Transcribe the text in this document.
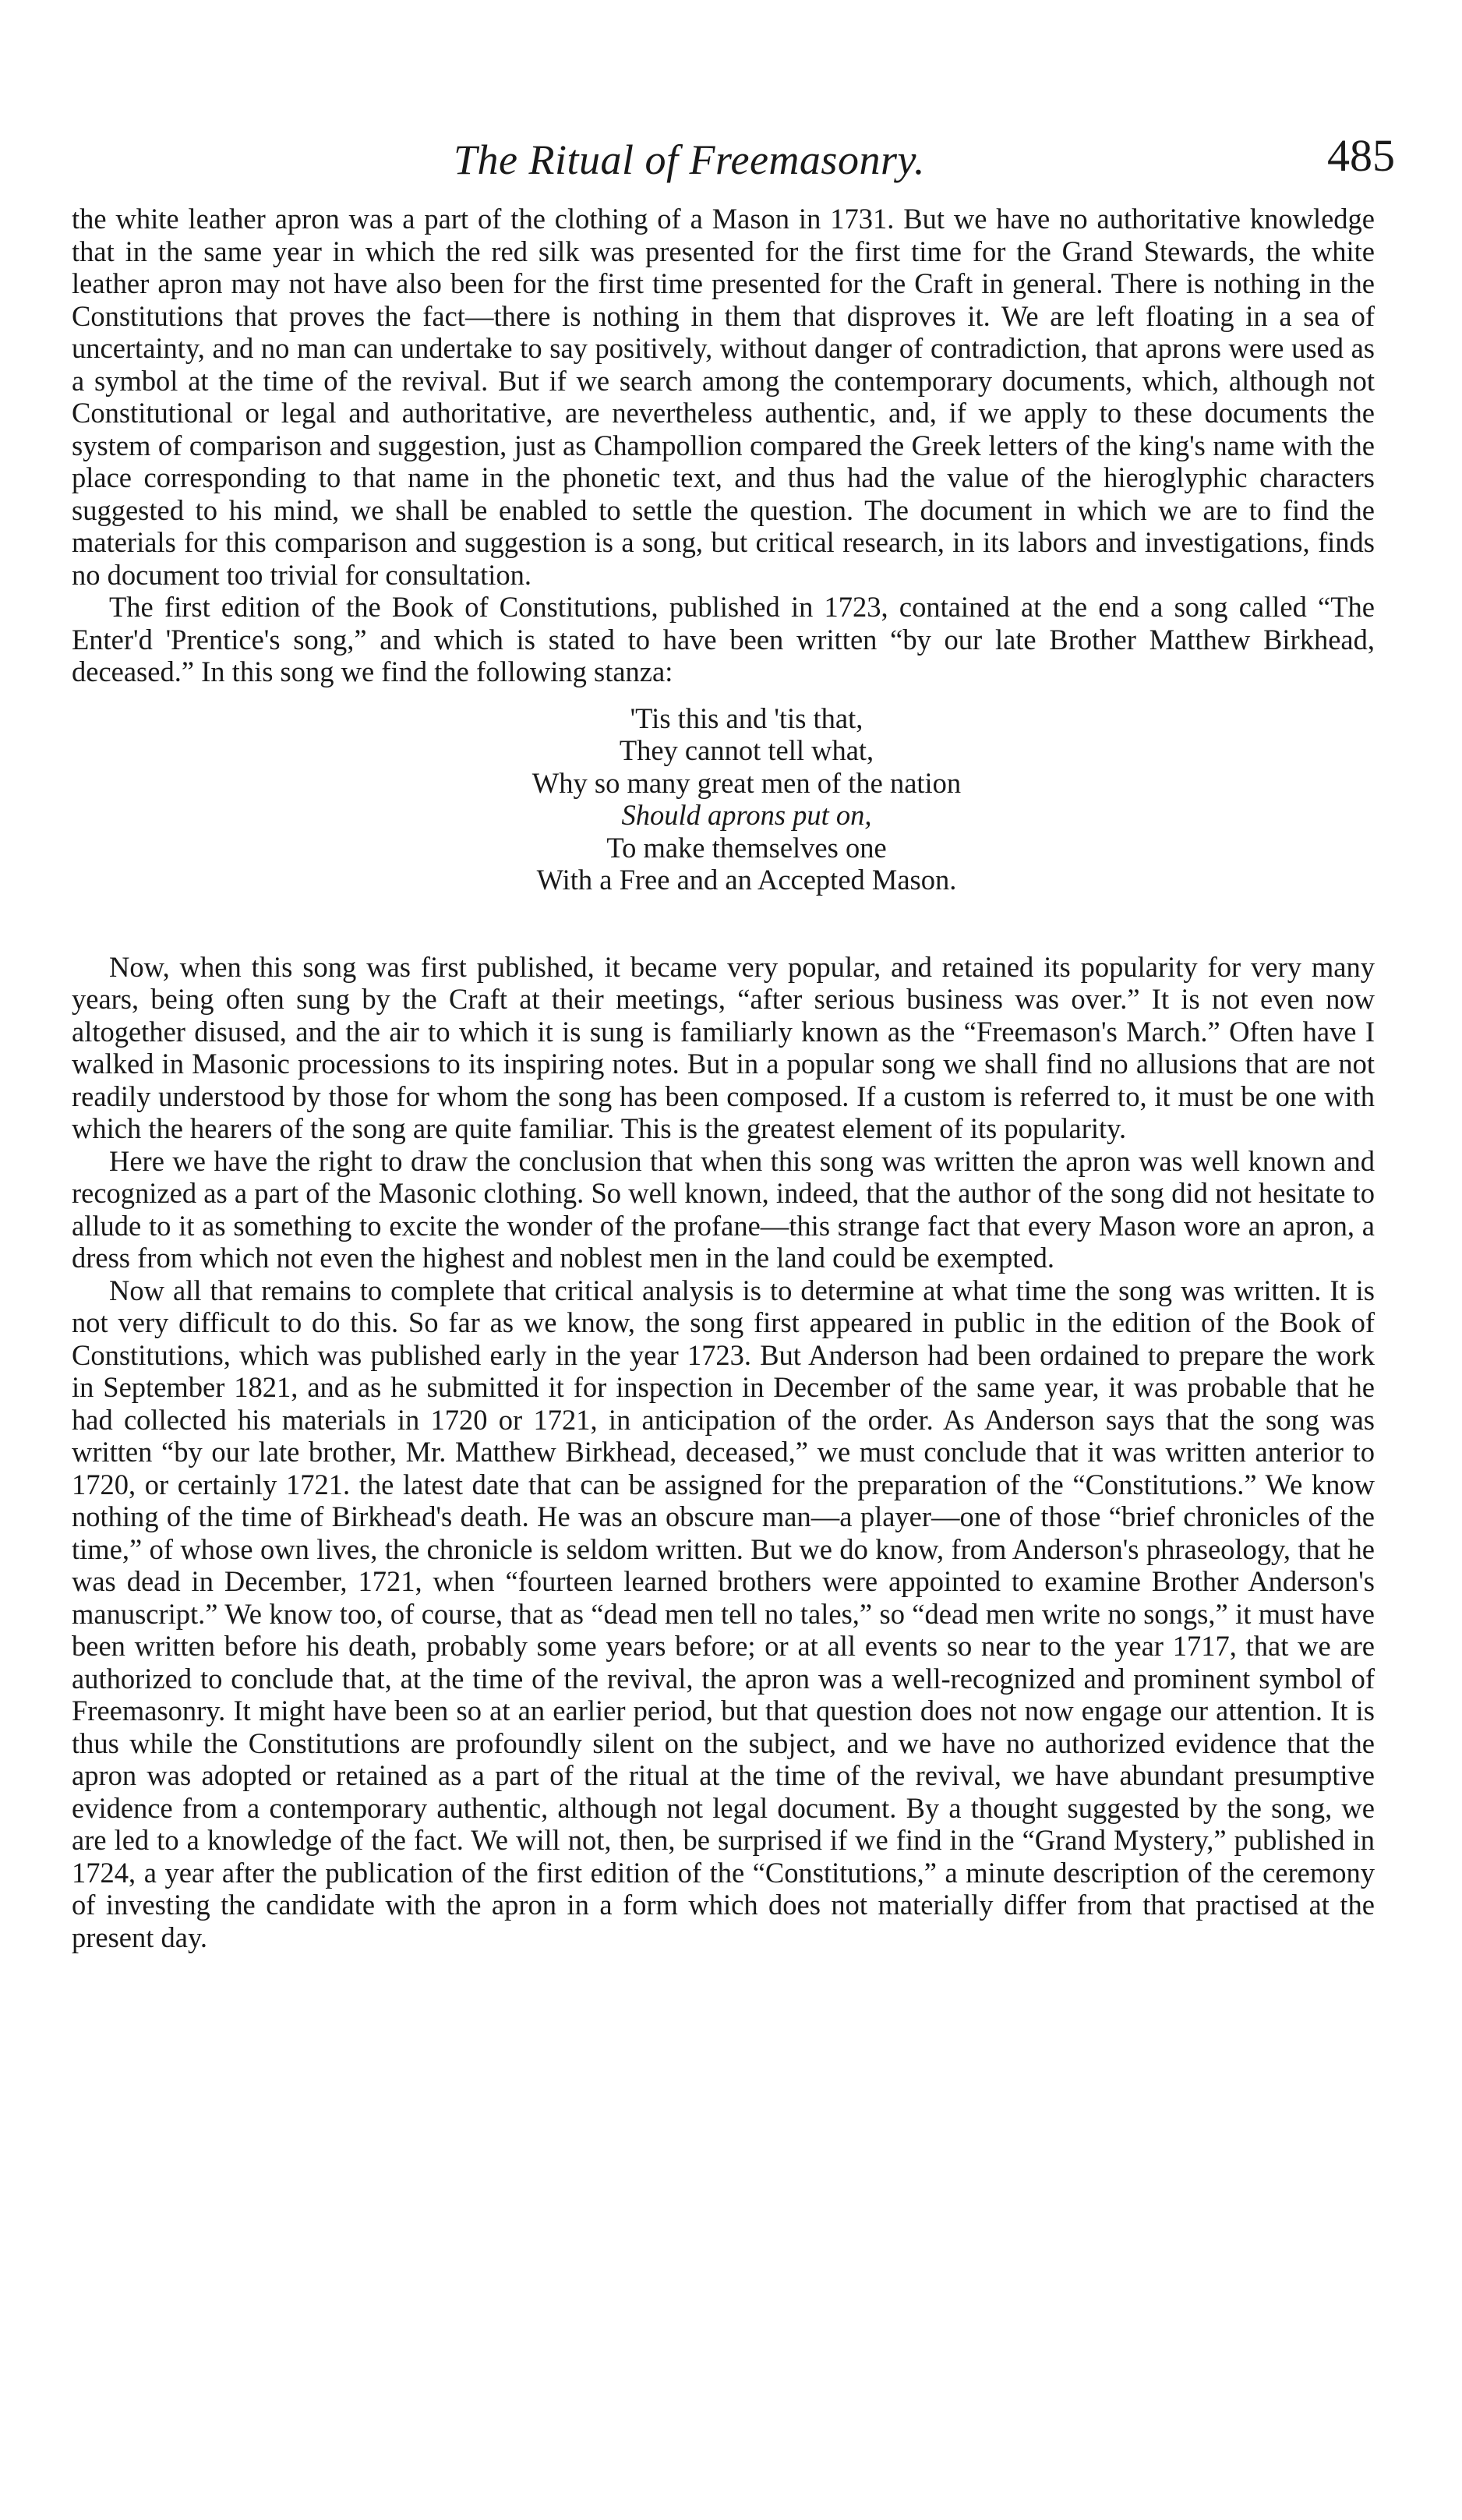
The Ritual of Freemasonry.	485

the white leather apron was a part of the clothing of a Mason in 1731. But we have no authoritative knowledge that in the same year in which the red silk was presented for the first time for the Grand Stewards, the white leather apron may not have also been for the first time presented for the Craft in general. There is nothing in the Constitutions that proves the fact—there is nothing in them that disproves it. We are left floating in a sea of uncertainty, and no man can undertake to say positively, without danger of contradiction, that aprons were used as a symbol at the time of the revival. But if we search among the contemporary documents, which, although not Constitutional or legal and authoritative, are nevertheless authentic, and, if we apply to these documents the system of comparison and suggestion, just as Champollion compared the Greek letters of the king's name with the place corresponding to that name in the phonetic text, and thus had the value of the hieroglyphic characters suggested to his mind, we shall be enabled to settle the question. The document in which we are to find the materials for this comparison and suggestion is a song, but critical research, in its labors and investigations, finds no document too trivial for consultation.

The first edition of the Book of Constitutions, published in 1723, contained at the end a song called “The Enter'd 'Prentice's song,” and which is stated to have been written “by our late Brother Matthew Birkhead, deceased.” In this song we find the following stanza:

'Tis this and 'tis that,
They cannot tell what,
Why so many great men of the nation
Should aprons put on,
To make themselves one
With a Free and an Accepted Mason.

Now, when this song was first published, it became very popular, and retained its popularity for very many years, being often sung by the Craft at their meetings, “after serious business was over.” It is not even now altogether disused, and the air to which it is sung is familiarly known as the “Freemason's March.” Often have I walked in Masonic processions to its inspiring notes. But in a popular song we shall find no allusions that are not readily understood by those for whom the song has been composed. If a custom is referred to, it must be one with which the hearers of the song are quite familiar. This is the greatest element of its popularity.

Here we have the right to draw the conclusion that when this song was written the apron was well known and recognized as a part of the Masonic clothing. So well known, indeed, that the author of the song did not hesitate to allude to it as something to excite the wonder of the profane—this strange fact that every Mason wore an apron, a dress from which not even the highest and noblest men in the land could be exempted.

Now all that remains to complete that critical analysis is to determine at what time the song was written. It is not very difficult to do this. So far as we know, the song first appeared in public in the edition of the Book of Constitutions, which was published early in the year 1723. But Anderson had been ordained to prepare the work in September 1821, and as he submitted it for inspection in December of the same year, it was probable that he had collected his materials in 1720 or 1721, in anticipation of the order. As Anderson says that the song was written “by our late brother, Mr. Matthew Birkhead, deceased,” we must conclude that it was written anterior to 1720, or certainly 1721. the latest date that can be assigned for the preparation of the “Constitutions.” We know nothing of the time of Birkhead's death. He was an obscure man—a player—one of those “brief chronicles of the time,” of whose own lives, the chronicle is seldom written. But we do know, from Anderson's phraseology, that he was dead in December, 1721, when “fourteen learned brothers were appointed to examine Brother Anderson's manuscript.” We know too, of course, that as “dead men tell no tales,” so “dead men write no songs,” it must have been written before his death, probably some years before; or at all events so near to the year 1717, that we are authorized to conclude that, at the time of the revival, the apron was a well-recognized and prominent symbol of Freemasonry. It might have been so at an earlier period, but that question does not now engage our attention. It is thus while the Constitutions are profoundly silent on the subject, and we have no authorized evidence that the apron was adopted or retained as a part of the ritual at the time of the revival, we have abundant presumptive evidence from a contemporary authentic, although not legal document. By a thought suggested by the song, we are led to a knowledge of the fact. We will not, then, be surprised if we find in the “Grand Mystery,” published in 1724, a year after the publication of the first edition of the “Constitutions,” a minute description of the ceremony of investing the candidate with the apron in a form which does not materially differ from that practised at the present day.
